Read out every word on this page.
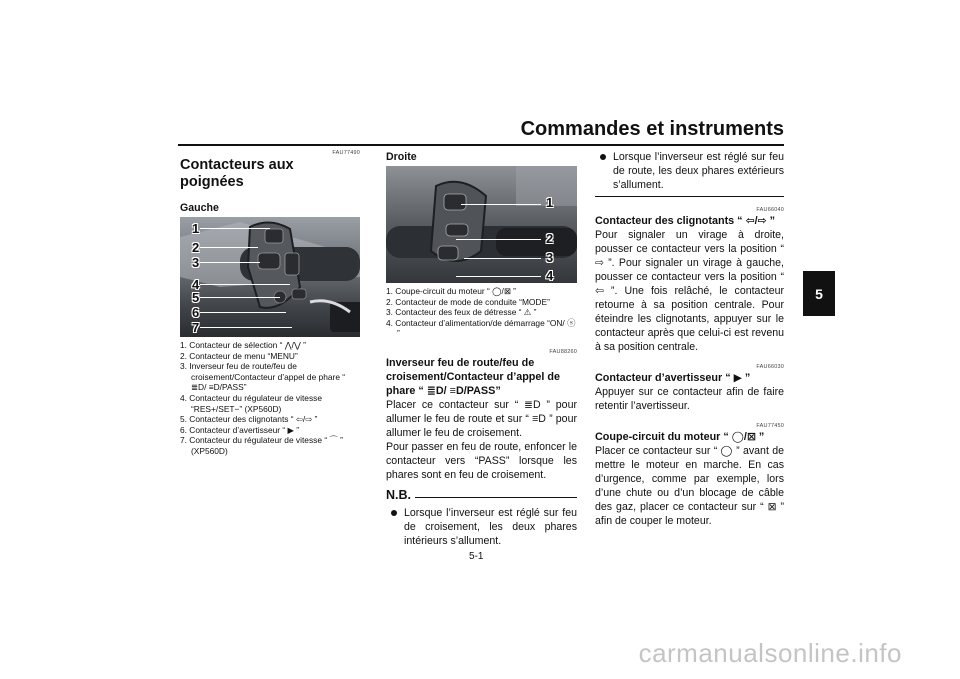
Commandes et instruments
5
FAU77490
Contacteurs aux poignées
Gauche
1
2
3
4
5
6
7
1. Contacteur de sélection “ ⋀/⋁ ”
2. Contacteur de menu “MENU”
3. Inverseur feu de route/feu de croisement/Contacteur d’appel de phare “ ≣D/ ≡D/PASS”
4. Contacteur du régulateur de vitesse “RES+/SET−” (XP560D)
5. Contacteur des clignotants “ ⇦/⇨ ”
6. Contacteur d’avertisseur “ ▶ ”
7. Contacteur du régulateur de vitesse “ ⌒ ” (XP560D)
Droite
1
2
3
4
1. Coupe-circuit du moteur “ ◯/⊠ ”
2. Contacteur de mode de conduite “MODE”
3. Contacteur des feux de détresse “ ⚠ ”
4. Contacteur d’alimentation/de démarrage “ON/ ⓢ ”
FAU88260
Inverseur feu de route/feu de croisement/Contacteur d’appel de phare “ ≣D/ ≡D/PASS”

Placer ce contacteur sur “ ≣D ” pour allumer le feu de route et sur “ ≡D ” pour allumer le feu de croisement.

Pour passer en feu de route, enfoncer le contacteur vers “PASS” lorsque les phares sont en feu de croisement.

N.B.
Lorsque l’inverseur est réglé sur feu de croisement, les deux phares intérieurs s’allument.
Lorsque l’inverseur est réglé sur feu de route, les deux phares extérieurs s’allument.
FAU66040
Contacteur des clignotants “ ⇦/⇨ ”

Pour signaler un virage à droite, pousser ce contacteur vers la position “ ⇨ ”. Pour signaler un virage à gauche, pousser ce contacteur vers la position “ ⇦ ”. Une fois relâché, le contacteur retourne à sa position centrale. Pour éteindre les clignotants, appuyer sur le contacteur après que celui-ci est revenu à sa position centrale.

FAU66030
Contacteur d’avertisseur “ ▶ ”

Appuyer sur ce contacteur afin de faire retentir l’avertisseur.

FAU77450
Coupe-circuit du moteur “ ◯/⊠ ”

Placer ce contacteur sur “ ◯ ” avant de mettre le moteur en marche. En cas d’urgence, comme par exemple, lors d’une chute ou d’un blocage de câble des gaz, placer ce contacteur sur “ ⊠ ” afin de couper le moteur.

5-1
carmanualsonline.info
